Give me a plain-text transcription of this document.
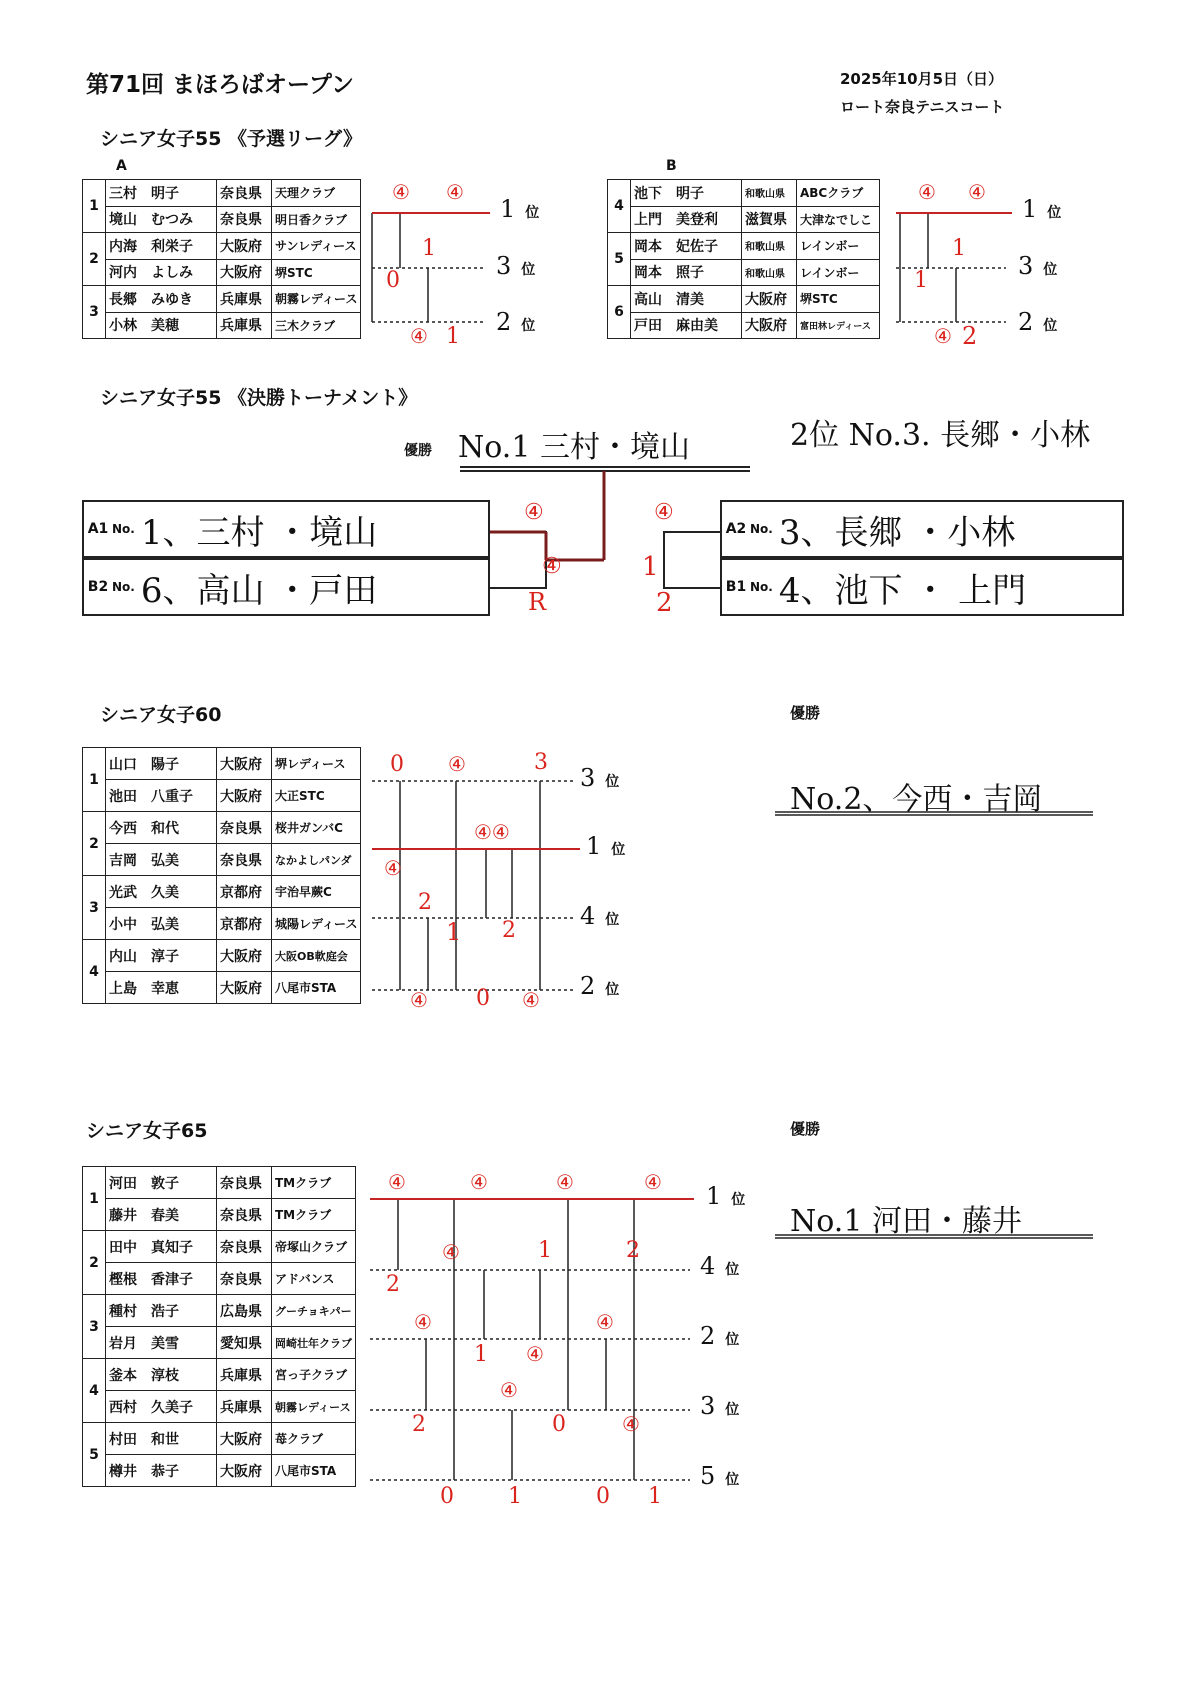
第71回 まほろばオープン	2025年10月5日（日）
ロート奈良テニスコート
シニア女子55 《予選リーグ》
A	B
1	三村　明子	奈良県	天理クラブ
	境山　むつみ	奈良県	明日香クラブ
2	内海　利栄子	大阪府	サンレディース
	河内　よしみ	大阪府	堺STC
3	長郷　みゆき	兵庫県	朝霧レディース
	小林　美穂	兵庫県	三木クラブ
4	池下　明子	和歌山県	ABCクラブ
	上門　美登利	滋賀県	大津なでしこ
5	岡本　妃佐子	和歌山県	レインボー
	岡本　照子	和歌山県	レインボー
6	高山　清美	大阪府	堺STC
	戸田　麻由美	大阪府	富田林レディース
④ ④
1
0
④ 1
1 位
3 位
2 位
④ ④
1
1
④ 2
1 位
3 位
2 位
シニア女子55 《決勝トーナメント》
優勝 No.1 三村・境山	2位 No.3. 長郷・小林
A1 No. 1、三村 ・境山
B2 No. 6、高山 ・戸田
A2 No. 3、長郷 ・小林
B1 No. 4、池下 ・ 上門
④
④
R
④
1
2
シニア女子60	優勝
No.2、今西・吉岡
1	山口　陽子	大阪府	堺レディース
	池田　八重子	大阪府	大正STC
2	今西　和代	奈良県	桜井ガンバC
	吉岡　弘美	奈良県	なかよしパンダ
3	光武　久美	京都府	宇治早蕨C
	小中　弘美	京都府	城陽レディース
4	内山　淳子	大阪府	大阪OB軟庭会
	上島　幸恵	大阪府	八尾市STA
0 ④	3
④④
④
2
1 2
④ 0 ④
3 位
1 位
4 位
2 位
シニア女子65	優勝
No.1 河田・藤井
1	河田　敦子	奈良県	TMクラブ
	藤井　春美	奈良県	TMクラブ
2	田中　真知子	奈良県	帝塚山クラブ
	樫根　香津子	奈良県	アドバンス
3	種村　浩子	広島県	グーチョキパー
	岩月　美雪	愛知県	岡崎壮年クラブ
4	釜本　淳枝	兵庫県	宮っ子クラブ
	西村　久美子	兵庫県	朝霧レディース
5	村田　和世	大阪府	苺クラブ
	樽井　恭子	大阪府	八尾市STA
④	④	④	④
④	1	2
2
④
1 ④
④
④
2	0	④
0 1	0 1
1 位
4 位
2 位
3 位
5 位
